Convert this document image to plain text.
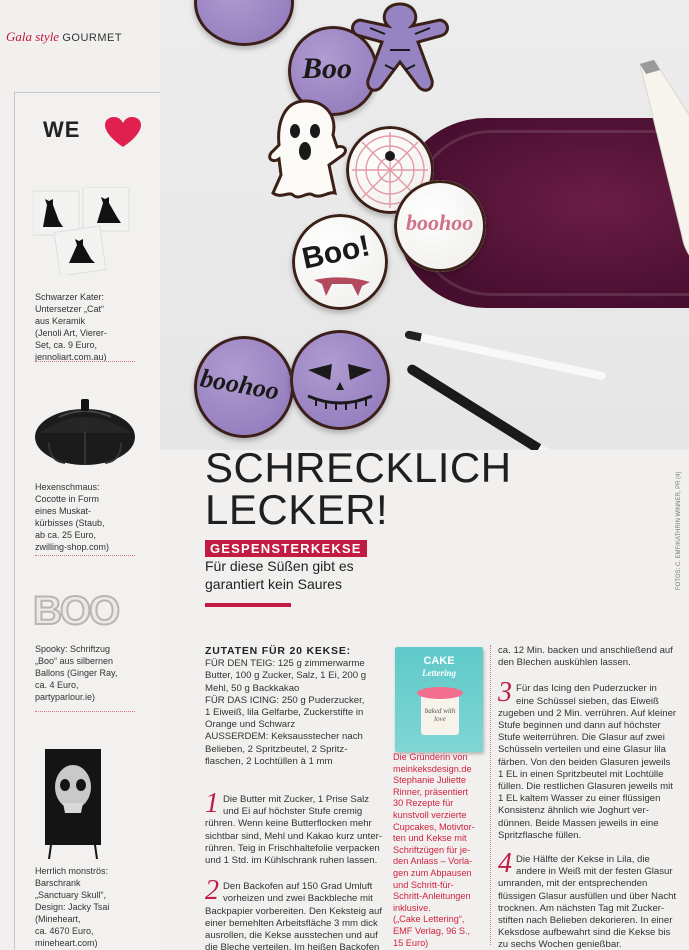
Gala style GOURMET
Boo
boohoo
Boo!
boohoo
WE
Schwarzer Kater:
Untersetzer „Cat“
aus Keramik
(Jenoli Art, Vierer-
Set, ca. 9 Euro,
jennoliart.com.au)
Hexenschmaus:
Cocotte in Form
eines Muskat-
kürbisses (Staub,
ab ca. 25 Euro,
zwilling-shop.com)
BOO
Spooky: Schriftzug
„Boo“ aus silbernen
Ballons (Ginger Ray,
ca. 4 Euro,
partyparlour.ie)
Herrlich monströs:
Barschrank
„Sanctuary Skull“,
Design: Jacky Tsai
(Mineheart,
ca. 4670 Euro,
mineheart.com)
SCHRECKLICH
LECKER!
GESPENSTERKEKSE
Für diese Süßen gibt es
garantiert kein Saures
ZUTATEN FÜR 20 KEKSE:
FÜR DEN TEIG: 125 g zimmerwarme
Butter, 100 g Zucker, Salz, 1 Ei, 200 g
Mehl, 50 g Backkakao
FÜR DAS ICING: 250 g Puderzucker,
1 Eiweiß, lila Gelfarbe, Zuckerstifte in
Orange und Schwarz
AUSSERDEM: Keksausstecher nach
Belieben, 2 Spritzbeutel, 2 Spritz-
flaschen, 2 Lochtüllen à 1 mm
1 Die Butter mit Zucker, 1 Prise Salz
und Ei auf höchster Stufe cremig
rühren. Wenn keine Butterflocken mehr
sichtbar sind, Mehl und Kakao kurz unter-
rühren. Teig in Frischhaltefolie verpacken
und 1 Std. im Kühlschrank ruhen lassen.
2 Den Backofen auf 150 Grad Umluft
vorheizen und zwei Backbleche mit
Backpapier vorbereiten. Den Keksteig auf
einer bemehlten Arbeitsfläche 3 mm dick
ausrollen, die Kekse ausstechen und auf
die Bleche verteilen. Im heißen Backofen
CAKE
Lettering
baked with love
Die Gründerin von
meinkeksdesign.de
Stephanie Juliette
Rinner, präsentiert
30 Rezepte für
kunstvoll verzierte
Cupcakes, Motivtor-
ten und Kekse mit
Schriftzügen für je-
den Anlass – Vorla-
gen zum Abpausen
und Schritt-für-
Schritt-Anleitungen
inklusive.
(„Cake Lettering“,
EMF Verlag, 96 S.,
15 Euro)
ca. 12 Min. backen und anschließend auf
den Blechen auskühlen lassen.
3 Für das Icing den Puderzucker in
eine Schüssel sieben, das Eiweiß
zugeben und 2 Min. verrühren. Auf kleiner
Stufe beginnen und dann auf höchster
Stufe weiterrühren. Die Glasur auf zwei
Schüsseln verteilen und eine Glasur lila
färben. Von den beiden Glasuren jeweils
1 EL in einen Spritzbeutel mit Lochtülle
füllen. Die restlichen Glasuren jeweils mit
1 EL kaltem Wasser zu einer flüssigen
Konsistenz ähnlich wie Joghurt ver-
dünnen. Beide Massen jeweils in eine
Spritzflasche füllen.
4 Die Hälfte der Kekse in Lila, die
andere in Weiß mit der festen Glasur
umranden, mit der entsprechenden
flüssigen Glasur ausfüllen und über Nacht
trocknen. Am nächsten Tag mit Zucker-
stiften nach Belieben dekorieren. In einer
Keksdose aufbewahrt sind die Kekse bis
zu sechs Wochen genießbar.
FOTOS: C. EMF/KATHRIN WINNER, PR (4)
